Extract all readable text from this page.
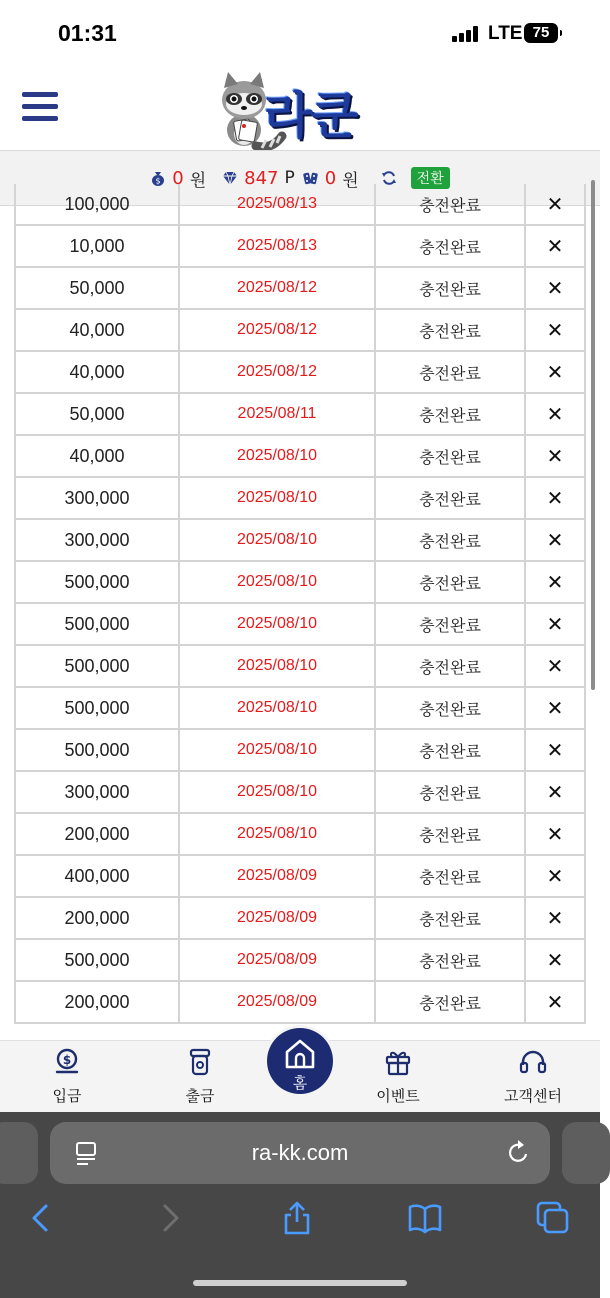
01:31	LTE 75
라쿤
$ 0 원 847 P 0 원	전환
100,000	2025/08/13	충전완료	✕
10,000	2025/08/13	충전완료	✕
50,000	2025/08/12	충전완료	✕
40,000	2025/08/12	충전완료	✕
40,000	2025/08/12	충전완료	✕
50,000	2025/08/11	충전완료	✕
40,000	2025/08/10	충전완료	✕
300,000	2025/08/10	충전완료	✕
300,000	2025/08/10	충전완료	✕
500,000	2025/08/10	충전완료	✕
500,000	2025/08/10	충전완료	✕
500,000	2025/08/10	충전완료	✕
500,000	2025/08/10	충전완료	✕
500,000	2025/08/10	충전완료	✕
300,000	2025/08/10	충전완료	✕
200,000	2025/08/10	충전완료	✕
400,000	2025/08/09	충전완료	✕
200,000	2025/08/09	충전완료	✕
500,000	2025/08/09	충전완료	✕
200,000	2025/08/09	충전완료	✕
$
입금	출금	이벤트	고객센터
홈
ra-kk.com
